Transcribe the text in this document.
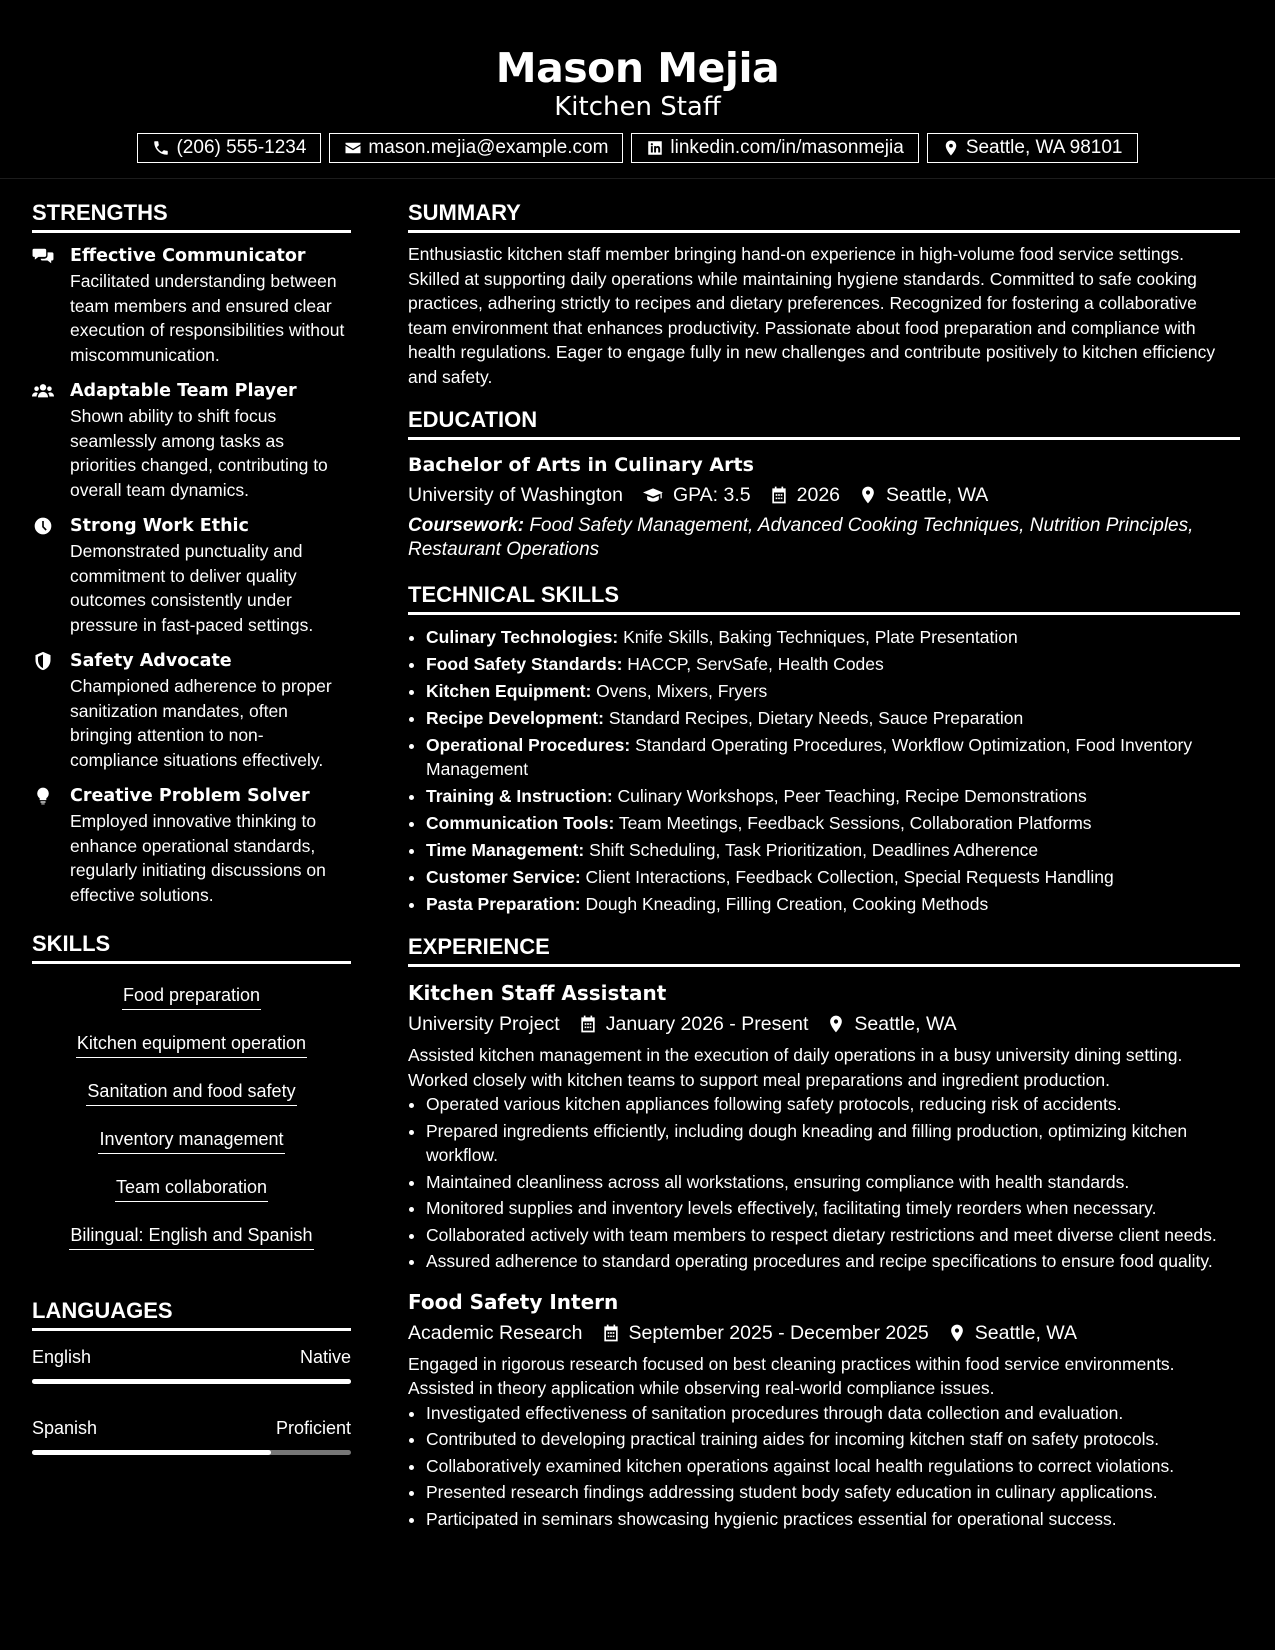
Mason Mejia
Kitchen Staff
(206) 555-1234	mason.mejia@example.com	linkedin.com/in/masonmejia	Seattle, WA 98101
STRENGTHS
Effective Communicator
Facilitated understanding between team members and ensured clear execution of responsibilities without miscommunication.
Adaptable Team Player
Shown ability to shift focus seamlessly among tasks as priorities changed, contributing to overall team dynamics.
Strong Work Ethic
Demonstrated punctuality and commitment to deliver quality outcomes consistently under pressure in fast-paced settings.
Safety Advocate
Championed adherence to proper sanitization mandates, often bringing attention to non-compliance situations effectively.
Creative Problem Solver
Employed innovative thinking to enhance operational standards, regularly initiating discussions on effective solutions.
SKILLS
Food preparation
Kitchen equipment operation
Sanitation and food safety
Inventory management
Team collaboration
Bilingual: English and Spanish
LANGUAGES
English	Native
Spanish	Proficient
SUMMARY
Enthusiastic kitchen staff member bringing hand-on experience in high-volume food service settings. Skilled at supporting daily operations while maintaining hygiene standards. Committed to safe cooking practices, adhering strictly to recipes and dietary preferences. Recognized for fostering a collaborative team environment that enhances productivity. Passionate about food preparation and compliance with health regulations. Eager to engage fully in new challenges and contribute positively to kitchen efficiency and safety.
EDUCATION
Bachelor of Arts in Culinary Arts
University of Washington	GPA: 3.5 2026 Seattle, WA
Coursework: Food Safety Management, Advanced Cooking Techniques, Nutrition Principles, Restaurant Operations
TECHNICAL SKILLS
• Culinary Technologies: Knife Skills, Baking Techniques, Plate Presentation
• Food Safety Standards: HACCP, ServSafe, Health Codes
• Kitchen Equipment: Ovens, Mixers, Fryers
• Recipe Development: Standard Recipes, Dietary Needs, Sauce Preparation
• Operational Procedures: Standard Operating Procedures, Workflow Optimization, Food Inventory Management
• Training & Instruction: Culinary Workshops, Peer Teaching, Recipe Demonstrations
• Communication Tools: Team Meetings, Feedback Sessions, Collaboration Platforms
• Time Management: Shift Scheduling, Task Prioritization, Deadlines Adherence
• Customer Service: Client Interactions, Feedback Collection, Special Requests Handling
• Pasta Preparation: Dough Kneading, Filling Creation, Cooking Methods
EXPERIENCE
Kitchen Staff Assistant
University Project January 2026 - Present Seattle, WA
Assisted kitchen management in the execution of daily operations in a busy university dining setting. Worked closely with kitchen teams to support meal preparations and ingredient production.
• Operated various kitchen appliances following safety protocols, reducing risk of accidents.
• Prepared ingredients efficiently, including dough kneading and filling production, optimizing kitchen workflow.
• Maintained cleanliness across all workstations, ensuring compliance with health standards.
• Monitored supplies and inventory levels effectively, facilitating timely reorders when necessary.
• Collaborated actively with team members to respect dietary restrictions and meet diverse client needs.
• Assured adherence to standard operating procedures and recipe specifications to ensure food quality.
Food Safety Intern
Academic Research September 2025 - December 2025 Seattle, WA
Engaged in rigorous research focused on best cleaning practices within food service environments. Assisted in theory application while observing real-world compliance issues.
• Investigated effectiveness of sanitation procedures through data collection and evaluation.
• Contributed to developing practical training aides for incoming kitchen staff on safety protocols.
• Collaboratively examined kitchen operations against local health regulations to correct violations.
• Presented research findings addressing student body safety education in culinary applications.
• Participated in seminars showcasing hygienic practices essential for operational success.
